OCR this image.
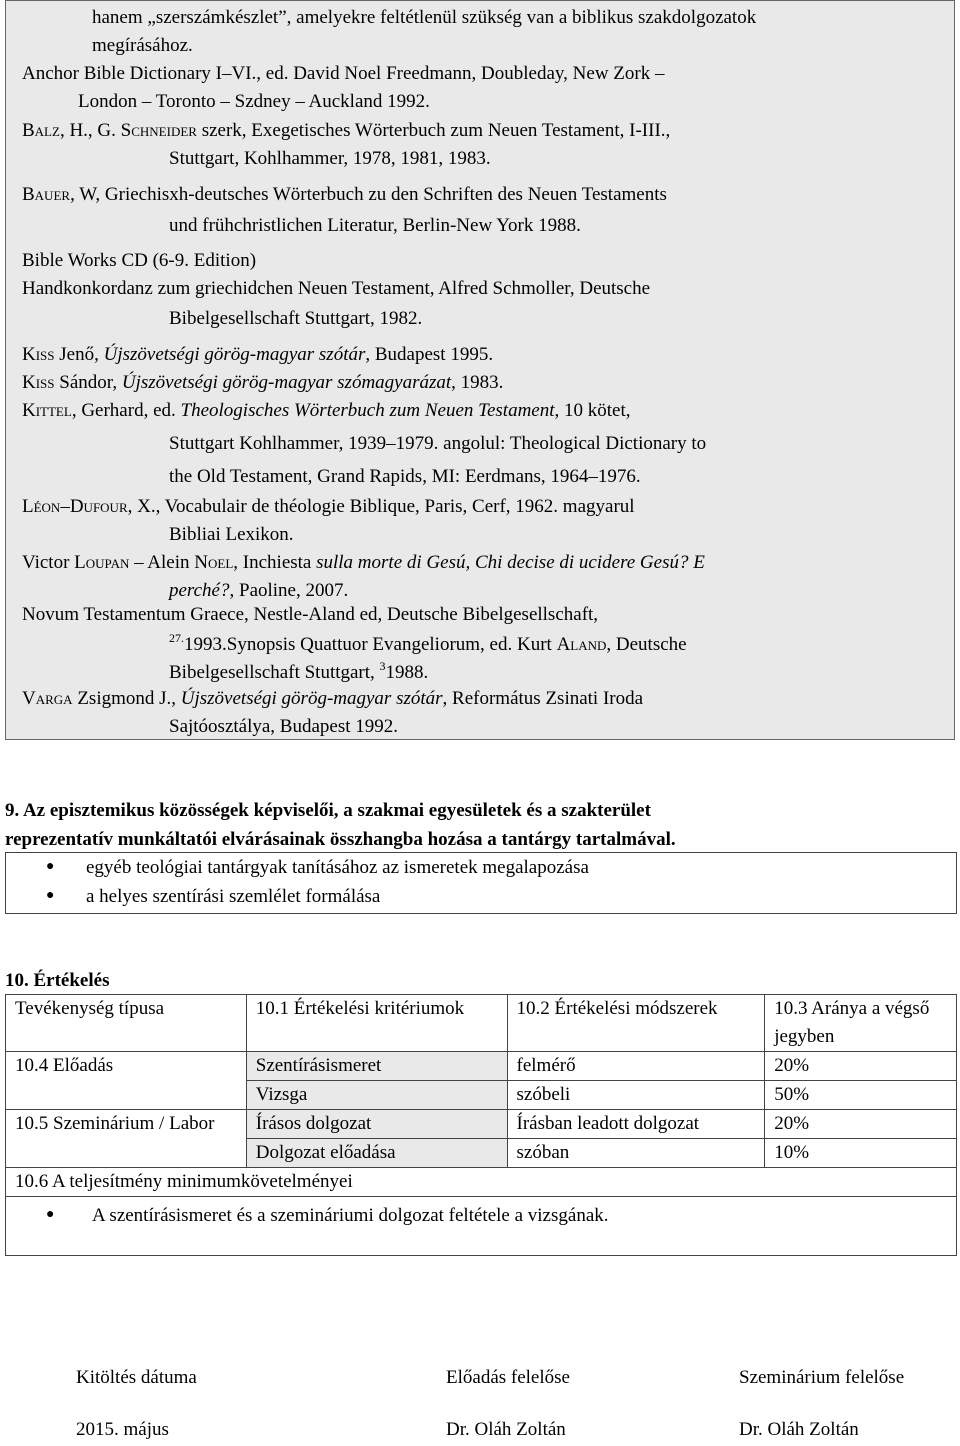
hanem „szerszámkészlet”, amelyekre feltétlenül szükség van a biblikus szakdolgozatok
megírásához.
Anchor Bible Dictionary I–VI., ed. David Noel Freedmann, Doubleday, New Zork –
London – Toronto – Szdney – Auckland 1992.
Balz, H., G. Schneider szerk, Exegetisches Wörterbuch zum Neuen Testament, I-III.,
Stuttgart, Kohlhammer, 1978, 1981, 1983.
Bauer, W, Griechisxh-deutsches Wörterbuch zu den Schriften des Neuen Testaments
und frühchristlichen Literatur, Berlin-New York 1988.
Bible Works CD (6-9. Edition)
Handkonkordanz zum griechidchen Neuen Testament, Alfred Schmoller, Deutsche
Bibelgesellschaft Stuttgart, 1982.
Kiss Jenő, Újszövetségi görög-magyar szótár, Budapest 1995.
Kiss Sándor, Újszövetségi görög-magyar szómagyarázat, 1983.
Kittel, Gerhard, ed. Theologisches Wörterbuch zum Neuen Testament, 10 kötet,
Stuttgart Kohlhammer, 1939–1979. angolul: Theological Dictionary to
the Old Testament, Grand Rapids, MI: Eerdmans, 1964–1976.
Léon–Dufour, X., Vocabulair de théologie Biblique, Paris, Cerf, 1962. magyarul
Bibliai Lexikon.
Victor Loupan – Alein Noel, Inchiesta sulla morte di Gesú, Chi decise di ucidere Gesú? E
perché?, Paoline, 2007.
Novum Testamentum Graece, Nestle-Aland ed, Deutsche Bibelgesellschaft,
$^{27.}$1993.Synopsis Quattuor Evangeliorum, ed. Kurt Aland, Deutsche
Bibelgesellschaft Stuttgart, $^3$1988.
Varga Zsigmond J., Újszövetségi görög-magyar szótár, Református Zsinati Iroda
Sajtóosztálya, Budapest 1992.
9. Az episztemikus közösségek képviselői, a szakmai egyesületek és a szakterület
reprezentatív munkáltatói elvárásainak összhangba hozása a tantárgy tartalmával.
● egyéb teológiai tantárgyak tanításához az ismeretek megalapozása
● a helyes szentírási szemlélet formálása
10. Értékelés
Tevékenység típusa	10.1 Értékelési kritériumok	10.2 Értékelési módszerek	10.3 Aránya a végső jegyben
10.4 Előadás	Szentírásismeret	felmérő	20%
	Vizsga	szóbeli	50%
10.5 Szeminárium / Labor	Írásos dolgozat	Írásban leadott dolgozat	20%
	Dolgozat előadása	szóban	10%
10.6 A teljesítmény minimumkövetelményei			
● A szentírásismeret és a szemináriumi dolgozat feltétele a vizsgának.
Kitöltés dátuma	Előadás felelőse	Szeminárium felelőse
2015. május	Dr. Oláh Zoltán	Dr. Oláh Zoltán
